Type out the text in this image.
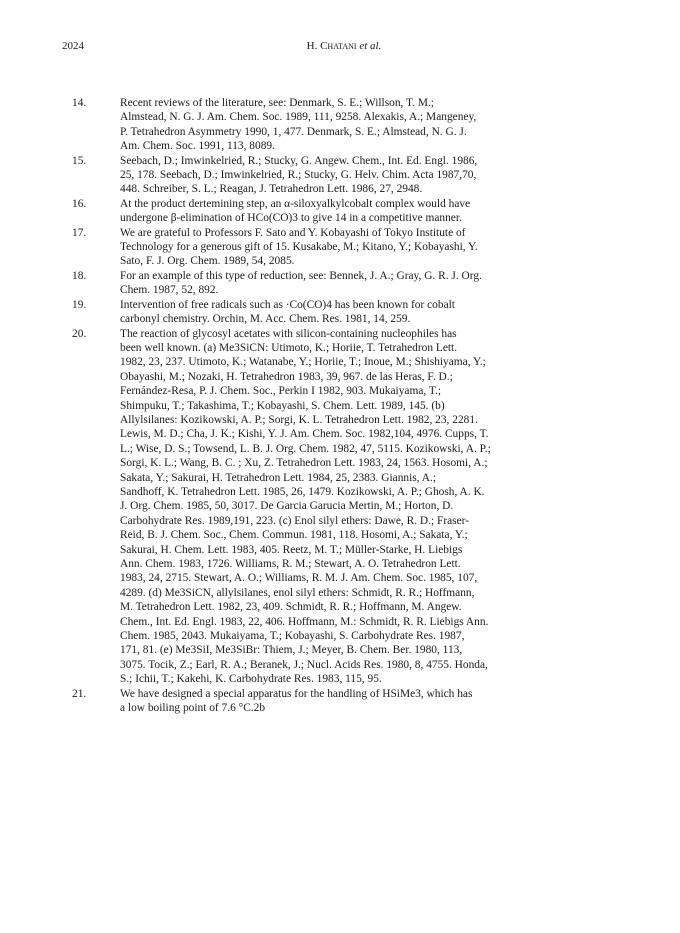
2024	H. Chatani et al.
14.	Recent reviews of the literature, see: Denmark, S. E.; Willson, T. M.;
Almstead, N. G. J. Am. Chem. Soc. 1989, 111, 9258. Alexakis, A.; Mangeney,
P. Tetrahedron Asymmetry 1990, 1, 477. Denmark, S. E.; Almstead, N. G. J.
Am. Chem. Soc. 1991, 113, 8089.
15.	Seebach, D.; Imwinkelried, R.; Stucky, G. Angew. Chem., Int. Ed. Engl. 1986,
25, 178. Seebach, D.; Imwinkelried, R.; Stucky, G. Helv. Chim. Acta 1987,70,
448. Schreiber, S. L.; Reagan, J. Tetrahedron Lett. 1986, 27, 2948.
16.	At the product dertemining step, an α-siloxyalkylcobalt complex would have
undergone β-elimination of HCo(CO)3 to give 14 in a competitive manner.
17.	We are grateful to Professors F. Sato and Y. Kobayashi of Tokyo Institute of
Technology for a generous gift of 15. Kusakabe, M.; Kitano, Y.; Kobayashi, Y.
Sato, F. J. Org. Chem. 1989, 54, 2085.
18.	For an example of this type of reduction, see: Bennek, J. A.; Gray, G. R. J. Org.
Chem. 1987, 52, 892.
19.	Intervention of free radicals such as ·Co(CO)4 has been known for cobalt
carbonyl chemistry. Orchin, M. Acc. Chem. Res. 1981, 14, 259.
20.	The reaction of glycosyl acetates with silicon-containing nucleophiles has
been well known. (a) Me3SiCN: Utimoto, K.; Horiie, T. Tetrahedron Lett.
1982, 23, 237. Utimoto, K.; Watanabe, Y.; Horiie, T.; Inoue, M.; Shishiyama, Y.;
Obayashi, M.; Nozaki, H. Tetrahedron 1983, 39, 967. de las Heras, F. D.;
Fernández-Resa, P. J. Chem. Soc., Perkin I 1982, 903. Mukaiyama, T.;
Shimpuku, T.; Takashima, T.; Kobayashi, S. Chem. Lett. 1989, 145. (b)
Allylsilanes: Kozikowski, A. P.; Sorgi, K. L. Tetrahedron Lett. 1982, 23, 2281.
Lewis, M. D.; Cha, J. K.; Kishi, Y. J. Am. Chem. Soc. 1982,104, 4976. Cupps, T.
L.; Wise, D. S.; Towsend, L. B. J. Org. Chem. 1982, 47, 5115. Kozikowski, A. P.;
Sorgi, K. L.; Wang, B. C. ; Xu, Z. Tetrahedron Lett. 1983, 24, 1563. Hosomi, A.;
Sakata, Y.; Sakurai, H. Tetrahedron Lett. 1984, 25, 2383. Giannis, A.;
Sandhoff, K. Tetrahedron Lett. 1985, 26, 1479. Kozikowski, A. P.; Ghosh, A. K.
J. Org. Chem. 1985, 50, 3017. De Garcia Garucia Mertin, M.; Horton, D.
Carbohydrate Res. 1989,191, 223. (c) Enol silyl ethers: Dawe, R. D.; Fraser-
Reid, B. J. Chem. Soc., Chem. Commun. 1981, 118. Hosomi, A.; Sakata, Y.;
Sakurai, H. Chem. Lett. 1983, 405. Reetz, M. T.; Müller-Starke, H. Liebigs
Ann. Chem. 1983, 1726. Williams, R. M.; Stewart, A. O. Tetrahedron Lett.
1983, 24, 2715. Stewart, A. O.; Williams, R. M. J. Am. Chem. Soc. 1985, 107,
4289. (d) Me3SiCN, allylsilanes, enol silyl ethers: Schmidt, R. R.; Hoffmann,
M. Tetrahedron Lett. 1982, 23, 409. Schmidt, R. R.; Hoffmann, M. Angew.
Chem., Int. Ed. Engl. 1983, 22, 406. Hoffmann, M.: Schmidt, R. R. Liebigs Ann.
Chem. 1985, 2043. Mukaiyama, T.; Kobayashi, S. Carbohydrate Res. 1987,
171, 81. (e) Me3SiI, Me3SiBr: Thiem, J.; Meyer, B. Chem. Ber. 1980, 113,
3075. Tocik, Z.; Earl, R. A.; Beranek, J.; Nucl. Acids Res. 1980, 8, 4755. Honda,
S.; Ichii, T.; Kakehi, K. Carbohydrate Res. 1983, 115, 95.
21.	We have designed a special apparatus for the handling of HSiMe3, which has
a low boiling point of 7.6 °C.2b
